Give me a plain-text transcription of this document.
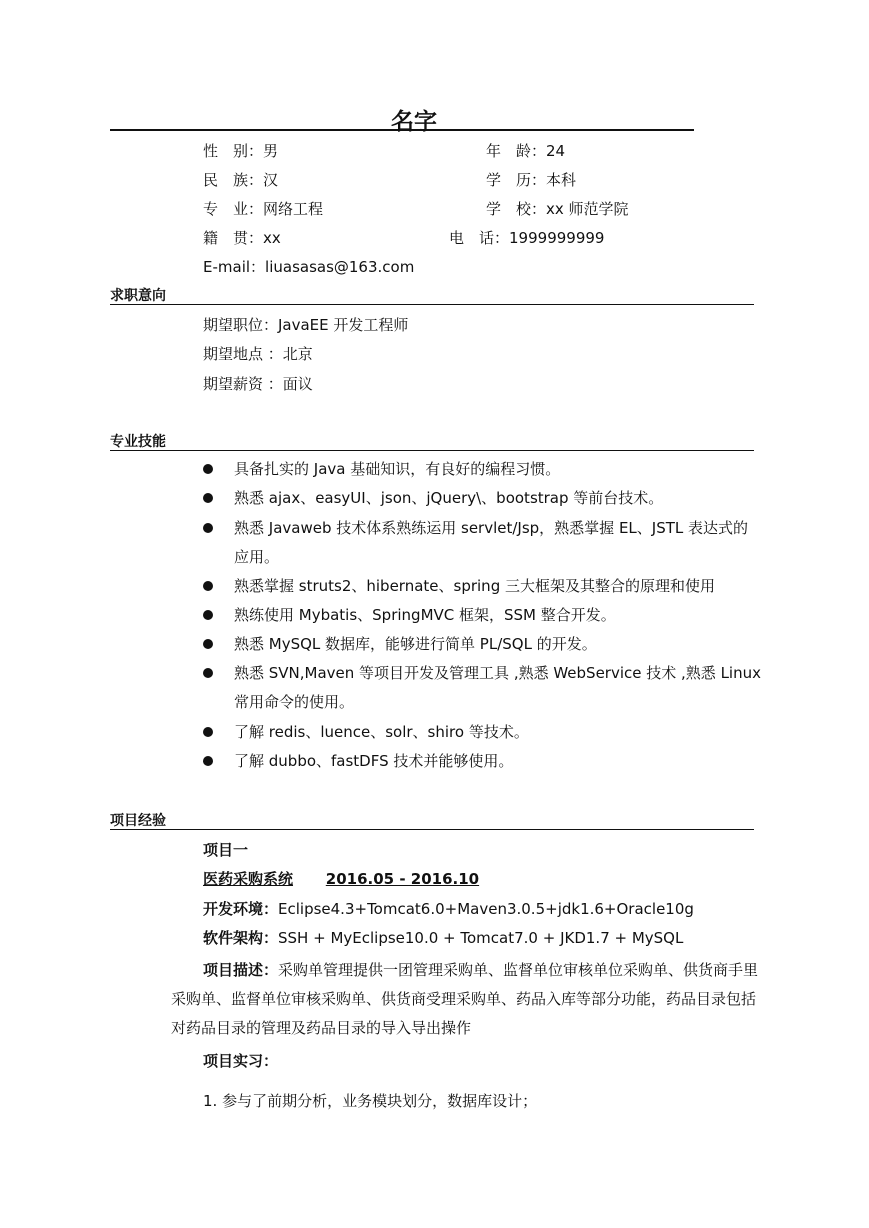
名字
性　别：男	年　龄：24
民　族：汉	学　历：本科
专　业：网络工程	学　校：xx 师范学院
籍　贯：xx	电　话：1999999999
E-mail：liuasasas@163.com
求职意向
期望职位：JavaEE 开发工程师
期望地点 ：北京
期望薪资 ：面议
专业技能
具备扎实的 Java 基础知识，有良好的编程习惯。
熟悉 ajax、easyUI、json、jQuery\、bootstrap 等前台技术。
熟悉 Javaweb 技术体系熟练运用 servlet/Jsp，熟悉掌握 EL、JSTL 表达式的应用。
熟悉掌握 struts2、hibernate、spring 三大框架及其整合的原理和使用
熟练使用 Mybatis、SpringMVC 框架，SSM 整合开发。
熟悉 MySQL 数据库，能够进行简单 PL/SQL 的开发。
熟悉 SVN,Maven 等项目开发及管理工具 ,熟悉 WebService 技术 ,熟悉 Linux 常用命令的使用。
了解 redis、luence、solr、shiro 等技术。
了解 dubbo、fastDFS 技术并能够使用。
项目经验
项目一
医药采购系统 2016.05 - 2016.10
开发环境：Eclipse4.3+Tomcat6.0+Maven3.0.5+jdk1.6+Oracle10g
软件架构：SSH + MyEclipse10.0 + Tomcat7.0 + JKD1.7 + MySQL
项目描述：采购单管理提供一团管理采购单、监督单位审核单位采购单、供货商手里采购单、监督单位审核采购单、供货商受理采购单、药品入库等部分功能，药品目录包括对药品目录的管理及药品目录的导入导出操作
项目实习：
1. 参与了前期分析，业务模块划分，数据库设计；
